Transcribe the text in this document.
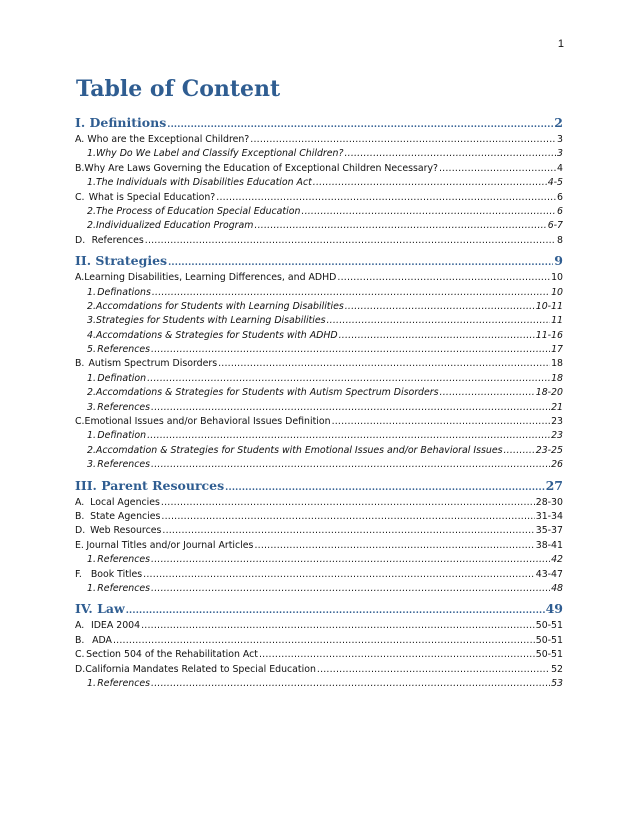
1
Table of Content
I. Definitions .....	2
A. Who are the Exceptional Children? .....	3
1. Why Do We Label and Classify Exceptional Children? .....	3
B. Why Are Laws Governing the Education of Exceptional Children Necessary? .....	4
1. The Individuals with Disabilities Education Act .....	4-5
C. What is Special Education? .....	6
2. The Process of Education Special Education .....	6
2. Individualized Education Program .....	6-7
D. References .....	8
II. Strategies .....	9
A. Learning Disabilities, Learning Differences, and ADHD .....	10
1. Definations .....	10
2. Accomdations for Students with Learning Disabilities .....	10-11
3. Strategies for Students with Learning Disabilities .....	11
4. Accomdations & Strategies for Students with ADHD .....	11-16
5. References .....	17
B. Autism Spectrum Disorders .....	18
1. Defination .....	18
2. Accomdations & Strategies for Students with Autism Spectrum Disorders .....	18-20
3. References .....	21
C. Emotional Issues and/or Behavioral Issues Definition .....	23
1. Defination .....	23
2. Accomdation & Strategies for Students with Emotional Issues and/or Behavioral Issues .....	23-25
3. References .....	26
III. Parent Resources .....	27
A. Local Agencies .....	28-30
B. State Agencies .....	31-34
D. Web Resources .....	35-37
E. Journal Titles and/or Journal Articles .....	38-41
1. References .....	42
F. Book Titles .....	43-47
1. References .....	48
IV. Law .....	49
A. IDEA 2004 .....	50-51
B. ADA .....	50-51
C. Section 504 of the Rehabilitation Act .....	50-51
D. California Mandates Related to Special Education .....	52
1. References .....	53
